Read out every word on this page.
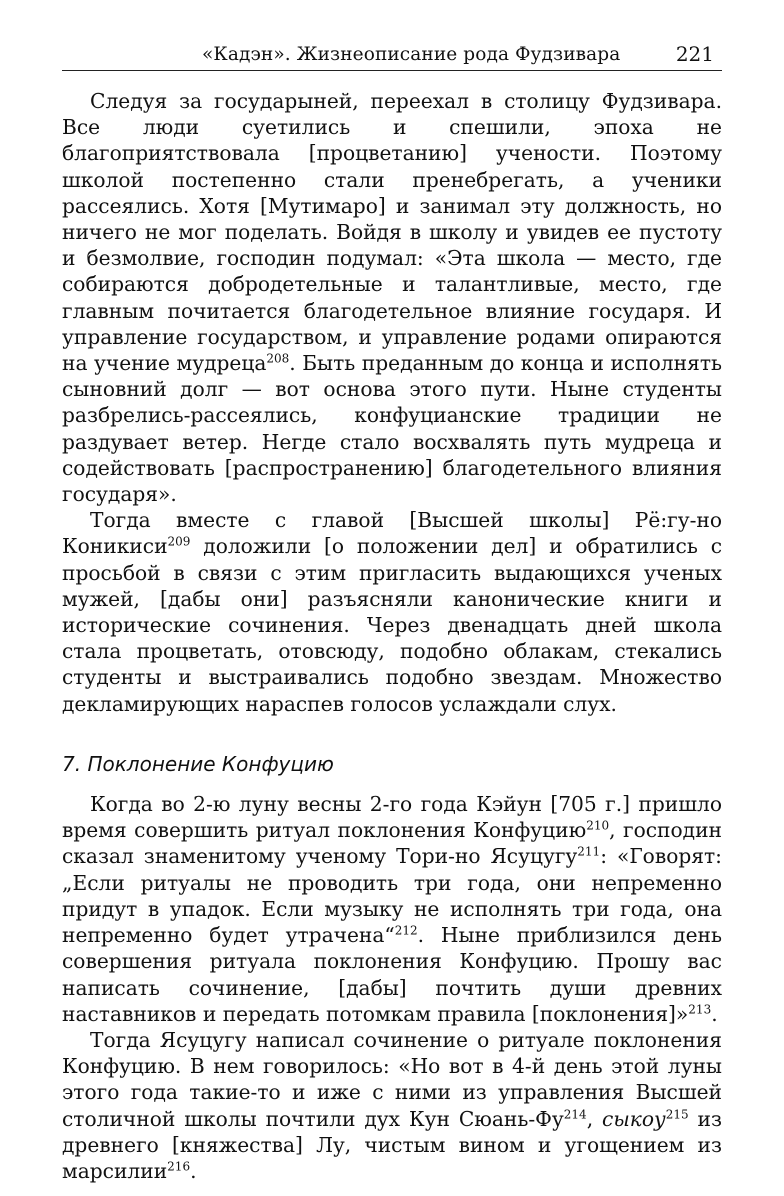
«Кадэн». Жизнеописание рода Фудзивара	221

Следуя за государыней, переехал в столицу Фудзивара. Все люди суетились и спешили, эпоха не благоприятствовала [процветанию] учености. Поэтому школой постепенно стали пренебрегать, а ученики рассеялись. Хотя [Мутимаро] и занимал эту должность, но ничего не мог поделать. Войдя в школу и увидев ее пустоту и безмолвие, господин подумал: «Эта школа — место, где собираются добродетельные и талантливые, место, где главным почитается благодетельное влияние государя. И управление государством, и управление родами опираются на учение мудреца$^{208}$. Быть преданным до конца и исполнять сыновний долг — вот основа этого пути. Ныне студенты разбрелись-рассеялись, конфуцианские традиции не раздувает ветер. Негде стало восхвалять путь мудреца и содействовать [распространению] благодетельного влияния государя».

Тогда вместе с главой [Высшей школы] Рё:гу-но Коникиси$^{209}$ доложили [о положении дел] и обратились с просьбой в связи с этим пригласить выдающихся ученых мужей, [дабы они] разъясняли канонические книги и исторические сочинения. Через двенадцать дней школа стала процветать, отовсюду, подобно облакам, стекались студенты и выстраивались подобно звездам. Множество декламирующих нараспев голосов услаждали слух.

7. Поклонение Конфуцию

Когда во 2-ю луну весны 2-го года Кэйун [705 г.] пришло время совершить ритуал поклонения Конфуцию$^{210}$, господин сказал знаменитому ученому Тори-но Ясуцугу$^{211}$: «Говорят: „Если ритуалы не проводить три года, они непременно придут в упадок. Если музыку не исполнять три года, она непременно будет утрачена“$^{212}$. Ныне приблизился день совершения ритуала поклонения Конфуцию. Прошу вас написать сочинение, [дабы] почтить души древних наставников и передать потомкам правила [поклонения]»$^{213}$.

Тогда Ясуцугу написал сочинение о ритуале поклонения Конфуцию. В нем говорилось: «Но вот в 4-й день этой луны этого года такие-то и иже с ними из управления Высшей столичной школы почтили дух Кун Сюань-$Фу^{214}$, сыкоу$^{215}$ из древнего [княжества] Лу, чистым вином и угощением из марсилии$^{216}$.
